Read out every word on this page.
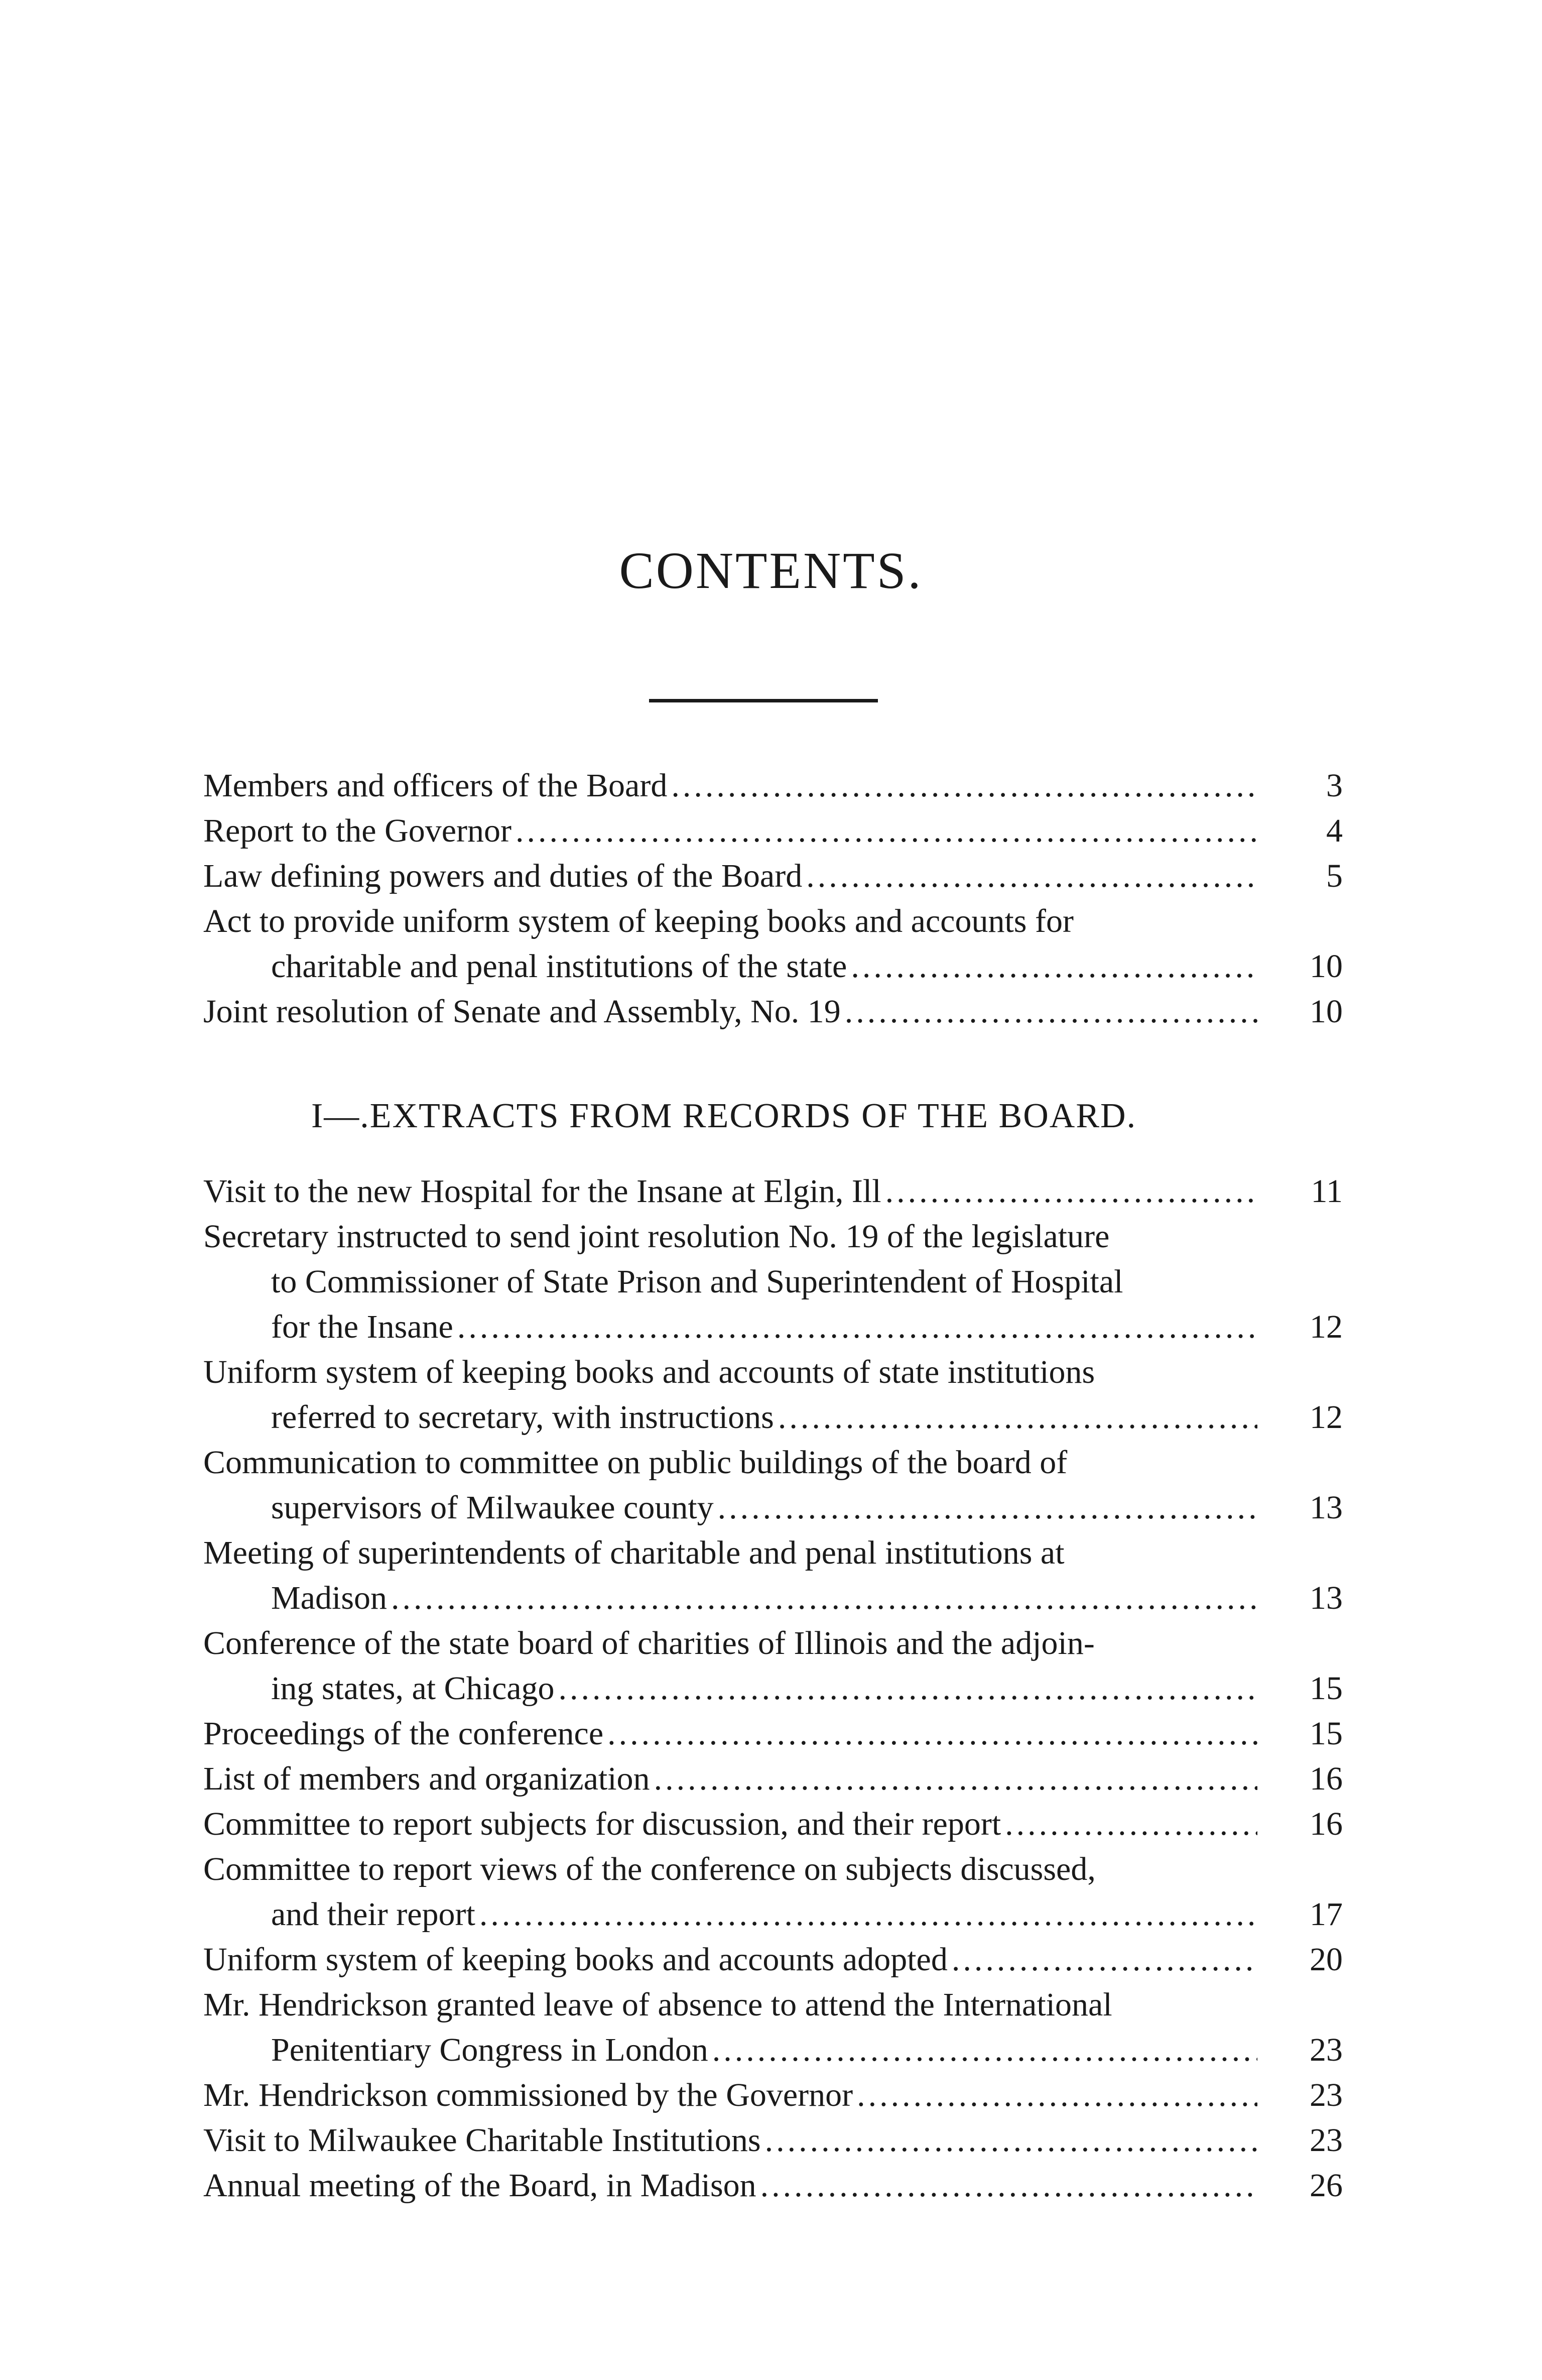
CONTENTS.
Members and officers of the Board .....	3
Report to the Governor .....	4
Law defining powers and duties of the Board .....	5
Act to provide uniform system of keeping books and accounts for
charitable and penal institutions of the state .....	10
Joint resolution of Senate and Assembly, No. 19 .....	10
I—.EXTRACTS FROM RECORDS OF THE BOARD.
Visit to the new Hospital for the Insane at Elgin, Ill .....	11
Secretary instructed to send joint resolution No. 19 of the legislature
to Commissioner of State Prison and Superintendent of Hospital
for the Insane .....	12
Uniform system of keeping books and accounts of state institutions
referred to secretary, with instructions .....	12
Communication to committee on public buildings of the board of
supervisors of Milwaukee county .....	13
Meeting of superintendents of charitable and penal institutions at
Madison .....	13
Conference of the state board of charities of Illinois and the adjoin-
ing states, at Chicago .....	15
Proceedings of the conference .....	15
List of members and organization .....	16
Committee to report subjects for discussion, and their report .....	16
Committee to report views of the conference on subjects discussed,
and their report .....	17
Uniform system of keeping books and accounts adopted .....	20
Mr. Hendrickson granted leave of absence to attend the International
Penitentiary Congress in London .....	23
Mr. Hendrickson commissioned by the Governor .....	23
Visit to Milwaukee Charitable Institutions .....	23
Annual meeting of the Board, in Madison .....	26
